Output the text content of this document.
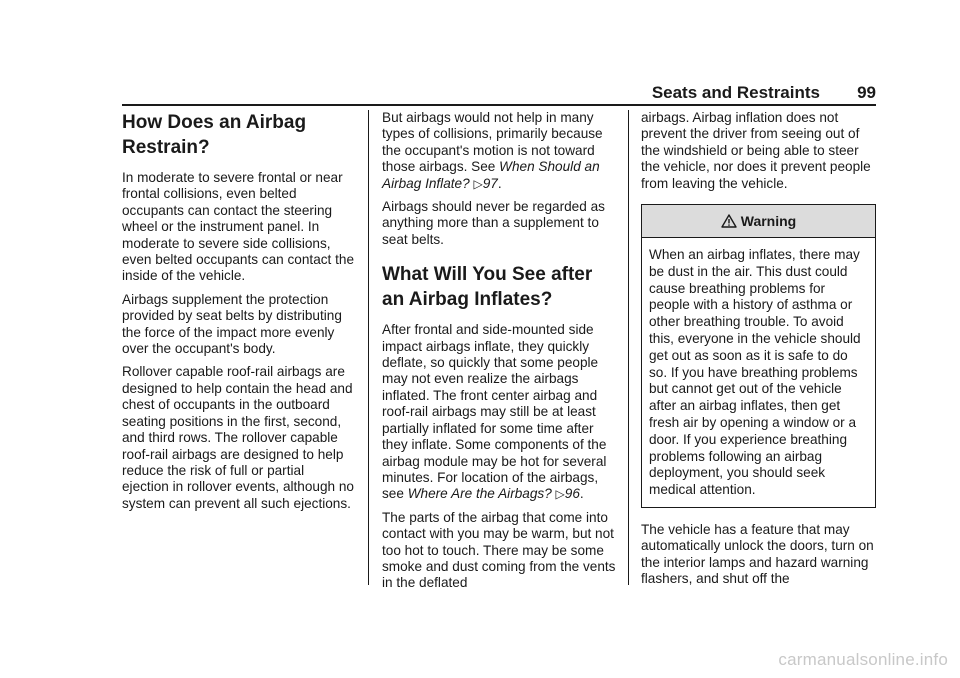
Seats and Restraints 99
How Does an Airbag Restrain?

In moderate to severe frontal or near frontal collisions, even belted occupants can contact the steering wheel or the instrument panel. In moderate to severe side collisions, even belted occupants can contact the inside of the vehicle.

Airbags supplement the protection provided by seat belts by distributing the force of the impact more evenly over the occupant's body.

Rollover capable roof-rail airbags are designed to help contain the head and chest of occupants in the outboard seating positions in the first, second, and third rows. The rollover capable roof-rail airbags are designed to help reduce the risk of full or partial ejection in rollover events, although no system can prevent all such ejections.

But airbags would not help in many types of collisions, primarily because the occupant's motion is not toward those airbags. See When Should an Airbag Inflate? ▷97.

Airbags should never be regarded as anything more than a supplement to seat belts.

What Will You See after an Airbag Inflates?

After frontal and side-mounted side impact airbags inflate, they quickly deflate, so quickly that some people may not even realize the airbags inflated. The front center airbag and roof-rail airbags may still be at least partially inflated for some time after they inflate. Some components of the airbag module may be hot for several minutes. For location of the airbags, see Where Are the Airbags? ▷96.

The parts of the airbag that come into contact with you may be warm, but not too hot to touch. There may be some smoke and dust coming from the vents in the deflated

airbags. Airbag inflation does not prevent the driver from seeing out of the windshield or being able to steer the vehicle, nor does it prevent people from leaving the vehicle.

Warning
When an airbag inflates, there may be dust in the air. This dust could cause breathing problems for people with a history of asthma or other breathing trouble. To avoid this, everyone in the vehicle should get out as soon as it is safe to do so. If you have breathing problems but cannot get out of the vehicle after an airbag inflates, then get fresh air by opening a window or a door. If you experience breathing problems following an airbag deployment, you should seek medical attention.

The vehicle has a feature that may automatically unlock the doors, turn on the interior lamps and hazard warning flashers, and shut off the

carmanualsonline.info
